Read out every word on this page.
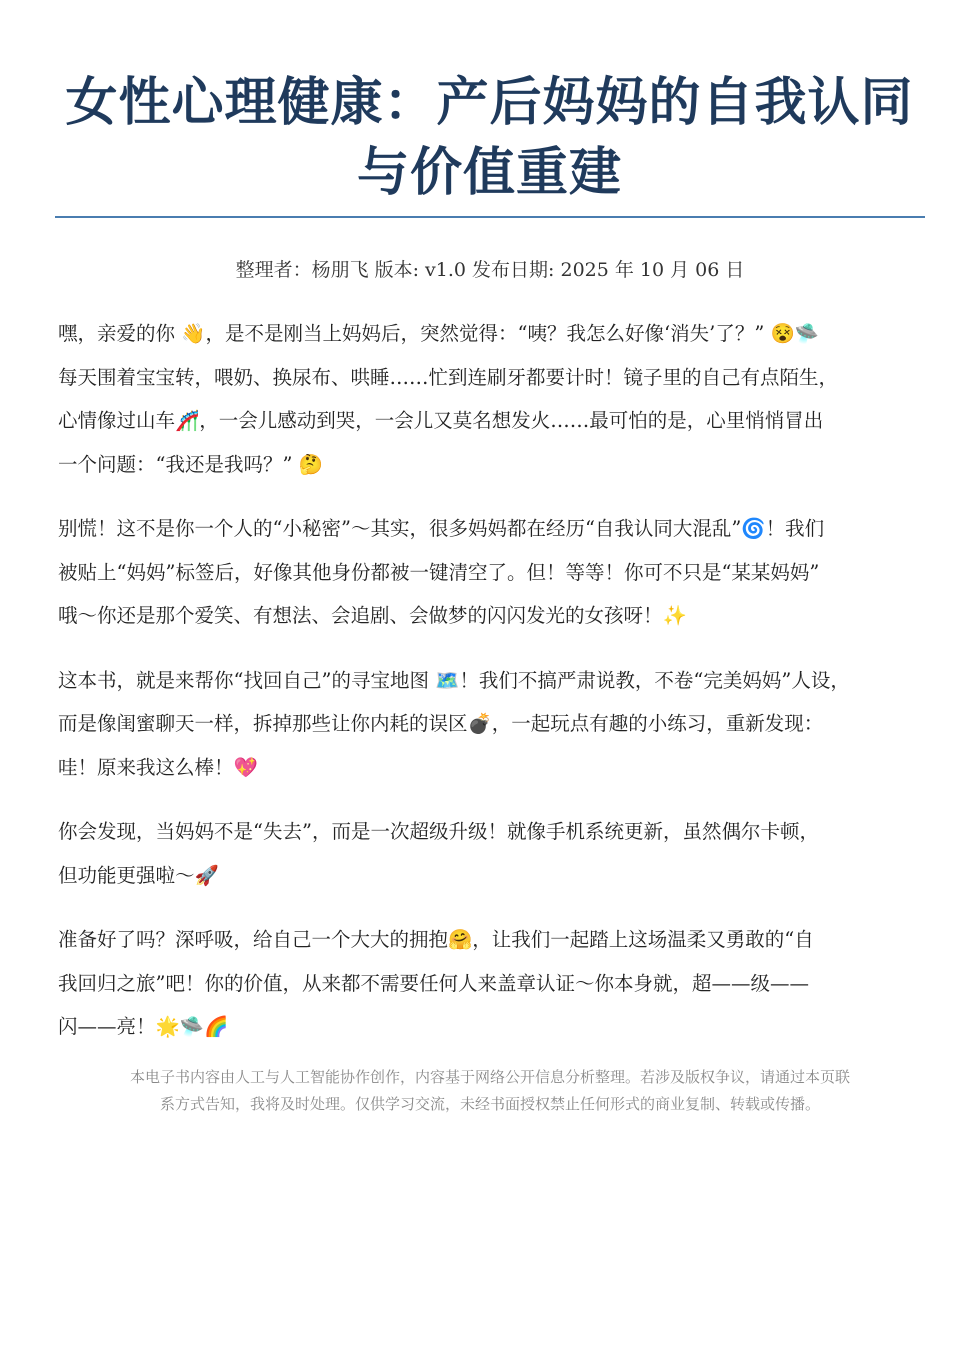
女性心理健康：产后妈妈的自我认同与价值重建
整理者：杨朋飞 版本: v1.0 发布日期: 2025 年 10 月 06 日

嘿，亲爱的你 👋，是不是刚当上妈妈后，突然觉得：“咦？我怎么好像‘消失’了？” 😵🛸

每天围着宝宝转，喂奶、换尿布、哄睡……忙到连刷牙都要计时！镜子里的自己有点陌生，

心情像过山车🎢，一会儿感动到哭，一会儿又莫名想发火……最可怕的是，心里悄悄冒出

一个问题：“我还是我吗？” 🤔

别慌！这不是你一个人的“小秘密”～其实，很多妈妈都在经历“自我认同大混乱”🌀！我们

被贴上“妈妈”标签后，好像其他身份都被一键清空了。但！等等！你可不只是“某某妈妈”

哦～你还是那个爱笑、有想法、会追剧、会做梦的闪闪发光的女孩呀！✨

这本书，就是来帮你“找回自己”的寻宝地图 🗺️！我们不搞严肃说教，不卷“完美妈妈”人设，

而是像闺蜜聊天一样，拆掉那些让你内耗的误区💣，一起玩点有趣的小练习，重新发现：

哇！原来我这么棒！💖

你会发现，当妈妈不是“失去”，而是一次超级升级！就像手机系统更新，虽然偶尔卡顿，

但功能更强啦～🚀

准备好了吗？深呼吸，给自己一个大大的拥抱🤗，让我们一起踏上这场温柔又勇敢的“自

我回归之旅”吧！你的价值，从来都不需要任何人来盖章认证～你本身就，超——级——

闪——亮！🌟🛸🌈

本电子书内容由人工与人工智能协作创作，内容基于网络公开信息分析整理。若涉及版权争议，请通过本页联
系方式告知，我将及时处理。仅供学习交流，未经书面授权禁止任何形式的商业复制、转载或传播。
